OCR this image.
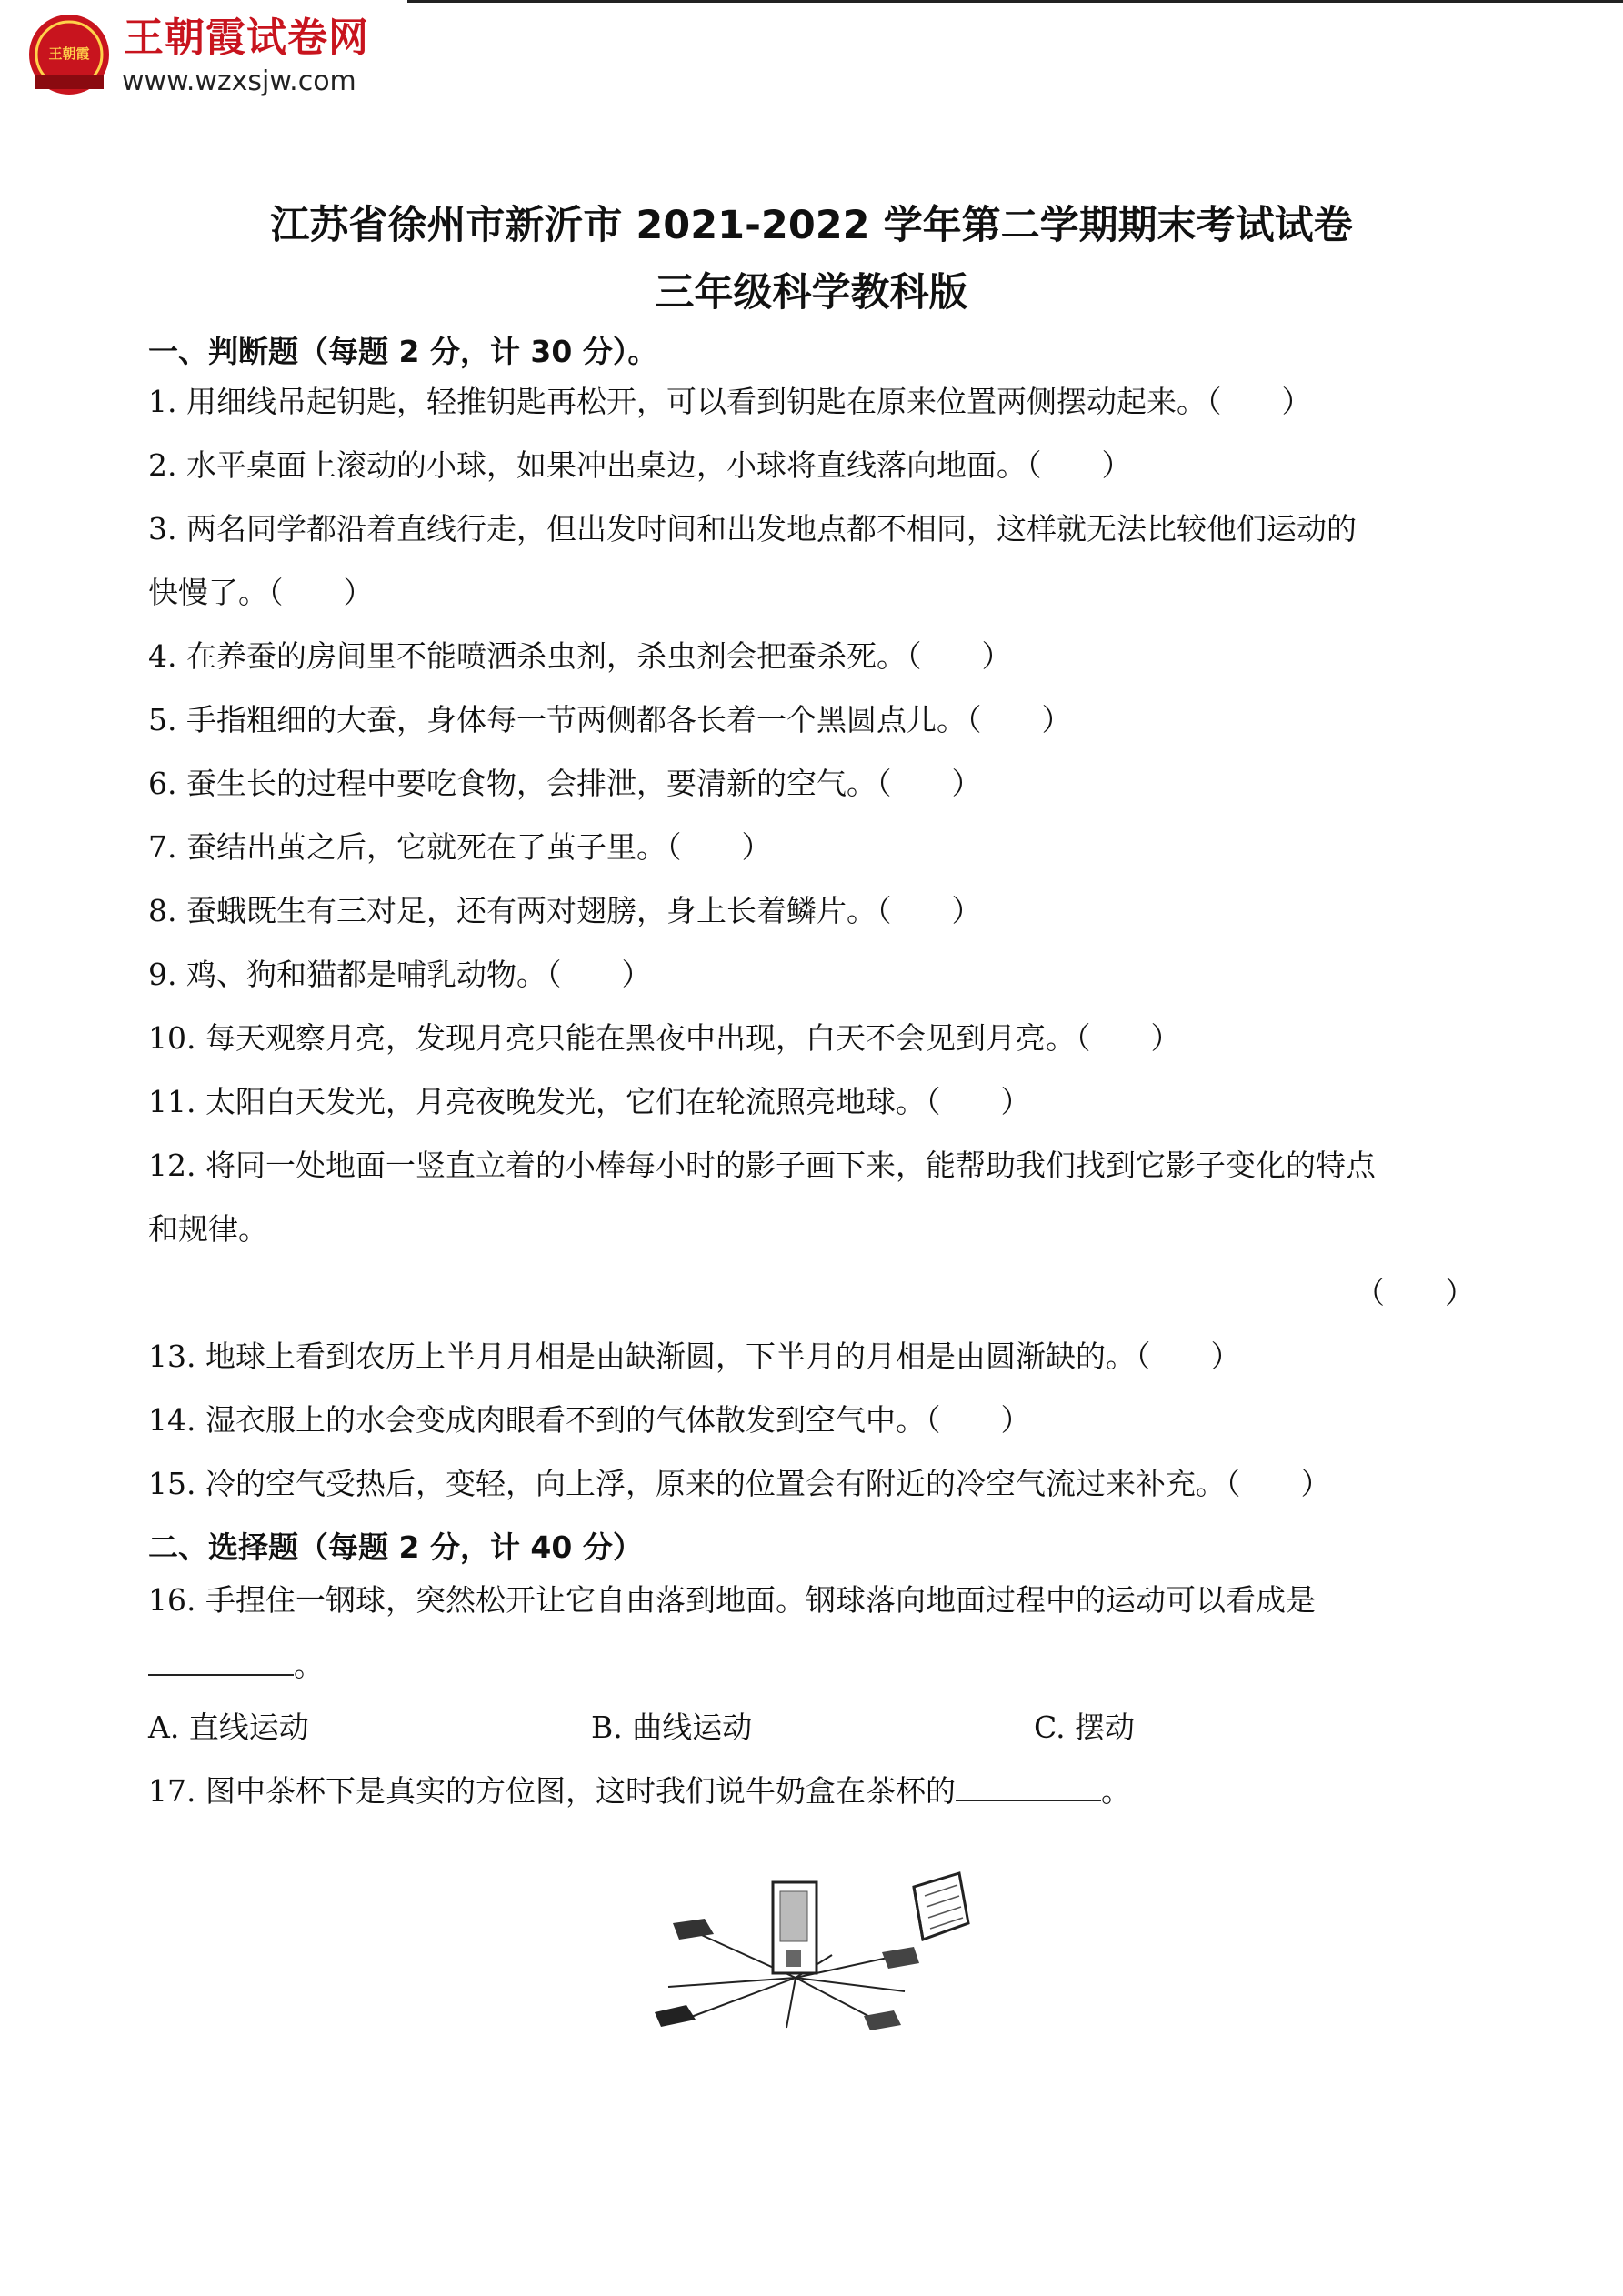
王朝霞 王朝霞试卷网
www.wzxsjw.com
江苏省徐州市新沂市 2021-2022 学年第二学期期末考试试卷
三年级科学教科版
一、判断题（每题 2 分，计 30 分）。
1. 用细线吊起钥匙，轻推钥匙再松开，可以看到钥匙在原来位置两侧摆动起来。（　　）
2. 水平桌面上滚动的小球，如果冲出桌边，小球将直线落向地面。（　　）
3. 两名同学都沿着直线行走，但出发时间和出发地点都不相同，这样就无法比较他们运动的
快慢了。（　　）
4. 在养蚕的房间里不能喷洒杀虫剂，杀虫剂会把蚕杀死。（　　）
5. 手指粗细的大蚕，身体每一节两侧都各长着一个黑圆点儿。（　　）
6. 蚕生长的过程中要吃食物，会排泄，要清新的空气。（　　）
7. 蚕结出茧之后，它就死在了茧子里。（　　）
8. 蚕蛾既生有三对足，还有两对翅膀，身上长着鳞片。（　　）
9. 鸡、狗和猫都是哺乳动物。（　　）
10. 每天观察月亮，发现月亮只能在黑夜中出现，白天不会见到月亮。（　　）
11. 太阳白天发光，月亮夜晚发光，它们在轮流照亮地球。（　　）
12. 将同一处地面一竖直立着的小棒每小时的影子画下来，能帮助我们找到它影子变化的特点
和规律。
（　　）
13. 地球上看到农历上半月月相是由缺渐圆，下半月的月相是由圆渐缺的。（　　）
14. 湿衣服上的水会变成肉眼看不到的气体散发到空气中。（　　）
15. 冷的空气受热后，变轻，向上浮，原来的位置会有附近的冷空气流过来补充。（　　）
二、选择题（每题 2 分，计 40 分）
16. 手捏住一钢球，突然松开让它自由落到地面。钢球落向地面过程中的运动可以看成是
。
A. 直线运动	B. 曲线运动	C. 摆动
17. 图中茶杯下是真实的方位图，这时我们说牛奶盒在茶杯的	。
